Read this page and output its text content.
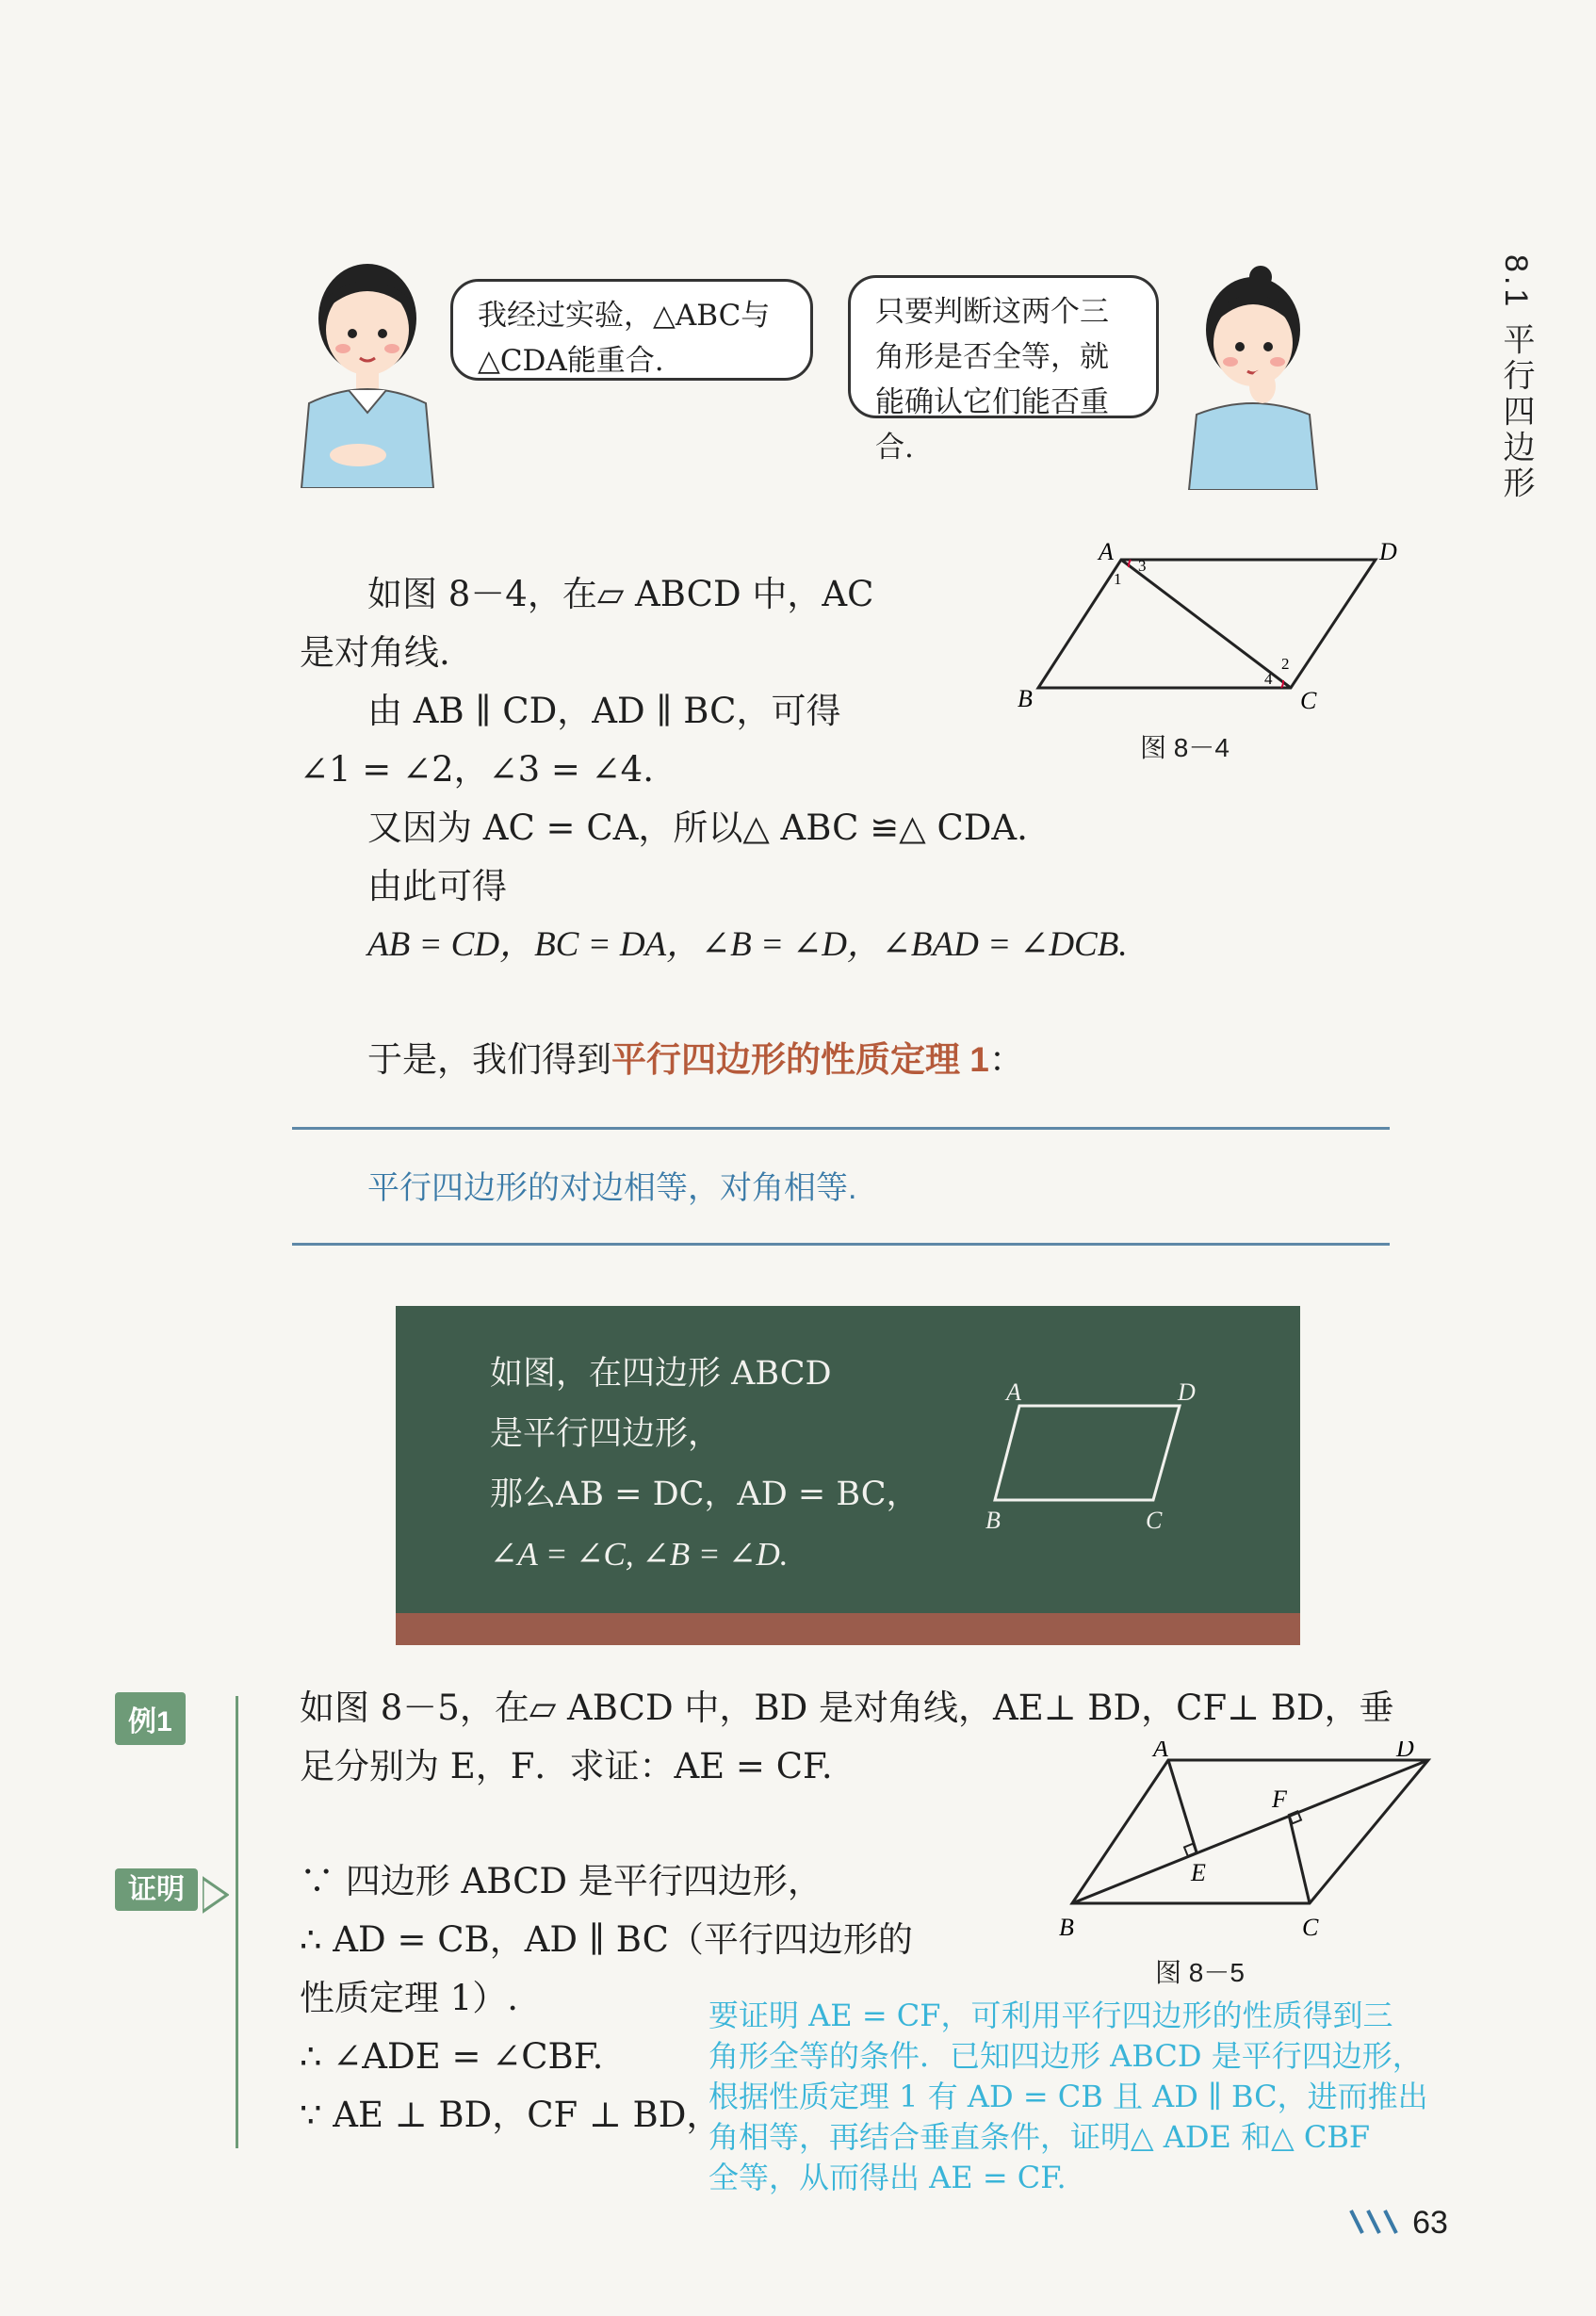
8.1 平行四边形
我经过实验，△ABC与△CDA能重合.
只要判断这两个三角形是否全等，就能确认它们能否重合.
如图 8－4，在▱ ABCD 中，AC
是对角线.
由 AB ∥ CD，AD ∥ BC，可得
∠1 = ∠2，∠3 = ∠4.
又因为 AC = CA，所以△ ABC ≌△ CDA.
由此可得
AB = CD，BC = DA，∠B = ∠D，∠BAD = ∠DCB.
A	D
B	C
1
2
3
4
图 8－4
于是，我们得到平行四边形的性质定理 1：
平行四边形的对边相等，对角相等.
如图，在四边形 ABCD
是平行四边形，
那么AB = DC，AD = BC，
∠A = ∠C, ∠B = ∠D.
A	D
B	C
例1	如图 8－5，在▱ ABCD 中，BD 是对角线，AE⊥ BD，CF⊥ BD，垂
足分别为 E，F．求证：AE = CF.	A	D
B	C
E
F
图 8－5
证明	∵ 四边形 ABCD 是平行四边形，
∴ AD = CB，AD ∥ BC（平行四边形的
性质定理 1）.
∴ ∠ADE = ∠CBF.
∵ AE ⊥ BD，CF ⊥ BD，
要证明 AE = CF，可利用平行四边形的性质得到三
角形全等的条件．已知四边形 ABCD 是平行四边形，
根据性质定理 1 有 AD = CB 且 AD ∥ BC，进而推出
角相等，再结合垂直条件，证明△ ADE 和△ CBF
全等，从而得出 AE = CF.
63
